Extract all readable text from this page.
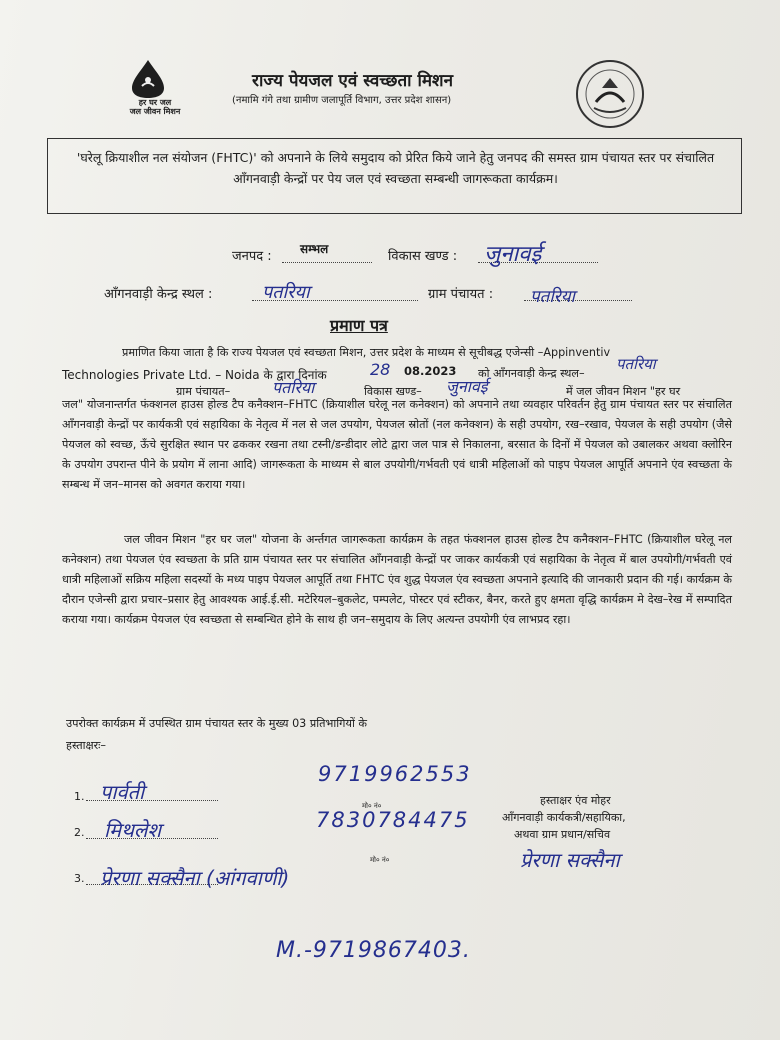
हर घर जल
जल जीवन मिशन
राज्य पेयजल एवं स्वच्छता मिशन
(नमामि गंगे तथा ग्रामीण जलापूर्ति विभाग, उत्तर प्रदेश शासन)

'घरेलू क्रियाशील नल संयोजन (FHTC)' को अपनाने के लिये समुदाय को प्रेरित किये जाने हेतु जनपद की समस्त ग्राम पंचायत स्तर पर संचालित आँगनवाड़ी केन्द्रों पर पेय जल एवं स्वच्छता सम्बन्धी जागरूकता कार्यक्रम।

जनपद : सम्भल	विकास खण्ड : जुनावई
आँगनवाड़ी केन्द्र स्थल :	पतरिया	ग्राम पंचायत : पतरिया
प्रमाण पत्र
प्रमाणित किया जाता है कि राज्य पेयजल एवं स्वच्छता मिशन, उत्तर प्रदेश के माध्यम से सूचीबद्ध एजेन्सी –Appinventiv
Technologies Private Ltd. – Noida के द्वारा दिनांक	28 08.2023 को आँगनवाड़ी केन्द्र स्थल–
पतरिया
ग्राम पंचायत–	पतरिया	विकास खण्ड– जुनावई	में जल जीवन मिशन "हर घर
जल" योजनान्तर्गत फंक्शनल हाउस होल्ड टैप कनैक्शन–FHTC (क्रियाशील घरेलू नल कनेक्शन) को अपनाने तथा व्यवहार परिवर्तन हेतु ग्राम पंचायत स्तर पर संचालित आँगनवाड़ी केन्द्रों पर कार्यकत्री एवं सहायिका के नेतृत्व में नल से जल उपयोग, पेयजल स्रोतों (नल कनेक्शन) के सही उपयोग, रख–रखाव, पेयजल के सही उपयोग (जैसे पेयजल को स्वच्छ, ऊँचे सुरक्षित स्थान पर ढककर रखना तथा टस्नी/डन्डीदार लोटे द्वारा जल पात्र से निकालना, बरसात के दिनों में पेयजल को उबालकर अथवा क्लोरिन के उपयोग उपरान्त पीने के प्रयोग में लाना आदि) जागरूकता के माध्यम से बाल उपयोगी/गर्भवती एवं धात्री महिलाओं को पाइप पेयजल आपूर्ति अपनाने एंव स्वच्छता के सम्बन्ध में जन–मानस को अवगत कराया गया।
जल जीवन मिशन "हर घर जल" योजना के अर्न्तगत जागरूकता कार्यक्रम के तहत फंक्शनल हाउस होल्ड टैप कनैक्शन–FHTC (क्रियाशील घरेलू नल कनेक्शन) तथा पेयजल एंव स्वच्छता के प्रति ग्राम पंचायत स्तर पर संचालित आँगनवाड़ी केन्द्रों पर जाकर कार्यकत्री एवं सहायिका के नेतृत्व में बाल उपयोगी/गर्भवती एवं धात्री महिलाओं सक्रिय महिला सदस्यों के मध्य पाइप पेयजल आपूर्ति तथा FHTC एंव शुद्ध पेयजल एंव स्वच्छता अपनाने इत्यादि की जानकारी प्रदान की गई। कार्यक्रम के दौरान एजेन्सी द्वारा प्रचार–प्रसार हेतु आवश्यक आई.ई.सी. मटेरियल–बुकलेट, पम्पलेट, पोस्टर एवं स्टीकर, बैनर, करते हुए क्षमता वृद्धि कार्यक्रम मे देख–रेख में सम्पादित कराया गया। कार्यक्रम पेयजल एंव स्वच्छता से सम्बन्धित होने के साथ ही जन–समुदाय के लिए अत्यन्त उपयोगी एंव लाभप्रद रहा।
उपरोक्त कार्यक्रम में उपस्थित ग्राम पंचायत स्तर के मुख्य 03 प्रतिभागियों के
हस्ताक्षरः–
1. पार्वती
9719962553
2. मिथलेश
मो० नं०
7830784475
3. प्रेरणा सक्सैना (आंगवाणी)
मो० नं०
M.-9719867403.
हस्ताक्षर एंव मोहर
आँगनवाड़ी कार्यकत्री/सहायिका,
अथवा ग्राम प्रधान/सचिव
प्रेरणा सक्सैना
